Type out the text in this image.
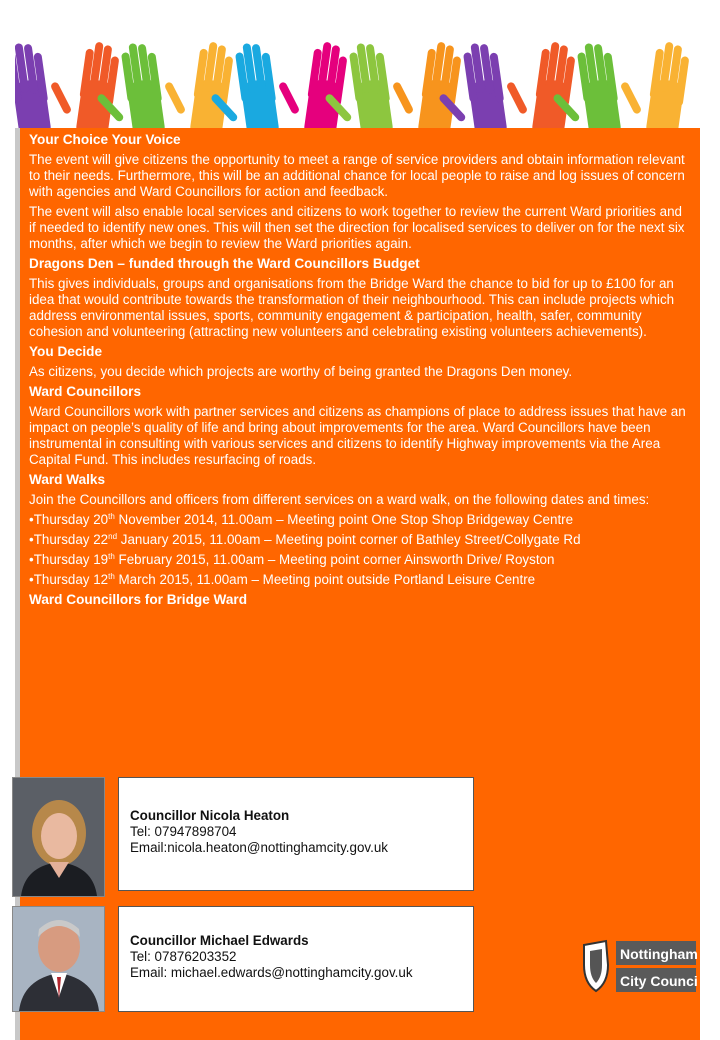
Your Choice Your Voice

The event will give citizens the opportunity to meet a range of service providers and obtain information relevant to their needs. Furthermore, this will be an additional chance for local people to raise and log issues of concern with agencies and Ward Councillors for action and feedback.

The event will also enable local services and citizens to work together to review the current Ward priorities and if needed to identify new ones. This will then set the direction for localised services to deliver on for the next six months, after which we begin to review the Ward priorities again.

Dragons Den – funded through the Ward Councillors Budget

This gives individuals, groups and organisations from the Bridge Ward the chance to bid for up to £100 for an idea that would contribute towards the transformation of their neighbourhood. This can include projects which address environmental issues, sports, community engagement & participation, health, safer, community cohesion and volunteering (attracting new volunteers and celebrating existing volunteers achievements).

You Decide

As citizens, you decide which projects are worthy of being granted the Dragons Den money.

Ward Councillors

Ward Councillors work with partner services and citizens as champions of place to address issues that have an impact on people’s quality of life and bring about improvements for the area. Ward Councillors have been instrumental in consulting with various services and citizens to identify Highway improvements via the Area Capital Fund. This includes resurfacing of roads.

Ward Walks

Join the Councillors and officers from different services on a ward walk, on the following dates and times:

•Thursday 20th November 2014, 11.00am – Meeting point One Stop Shop Bridgeway Centre

•Thursday 22nd January 2015, 11.00am – Meeting point corner of Bathley Street/Collygate Rd

•Thursday 19th February 2015, 11.00am – Meeting point corner Ainsworth Drive/ Royston

•Thursday 12th March 2015, 11.00am – Meeting point outside Portland Leisure Centre

Ward Councillors for Bridge Ward
Councillor Nicola Heaton
Tel: 07947898704
Email:nicola.heaton@nottinghamcity.gov.uk
Councillor Michael Edwards
Tel: 07876203352
Email: michael.edwards@nottinghamcity.gov.uk
Nottingham
City Council
